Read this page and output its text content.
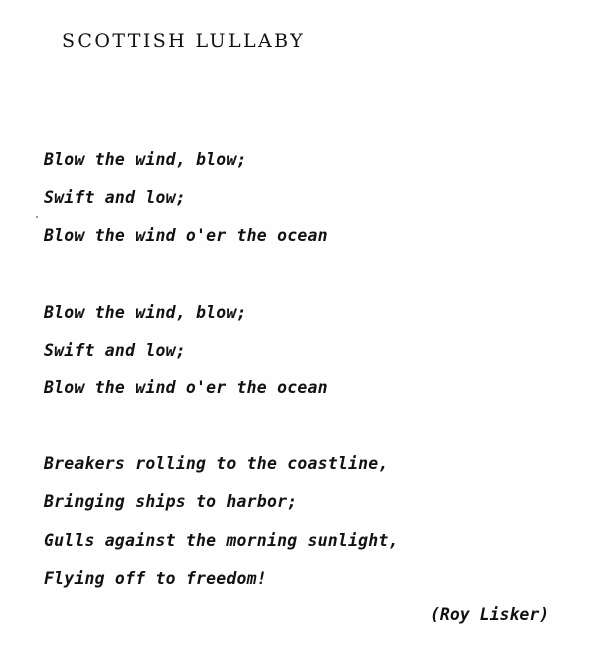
SCOTTISH LULLABY
Blow the wind, blow;
Swift and low;
Blow the wind o'er the ocean
Blow the wind, blow;
Swift and low;
Blow the wind o'er the ocean
Breakers rolling to the coastline,
Bringing ships to harbor;
Gulls against the morning sunlight,
Flying off to freedom!
(Roy Lisker)
